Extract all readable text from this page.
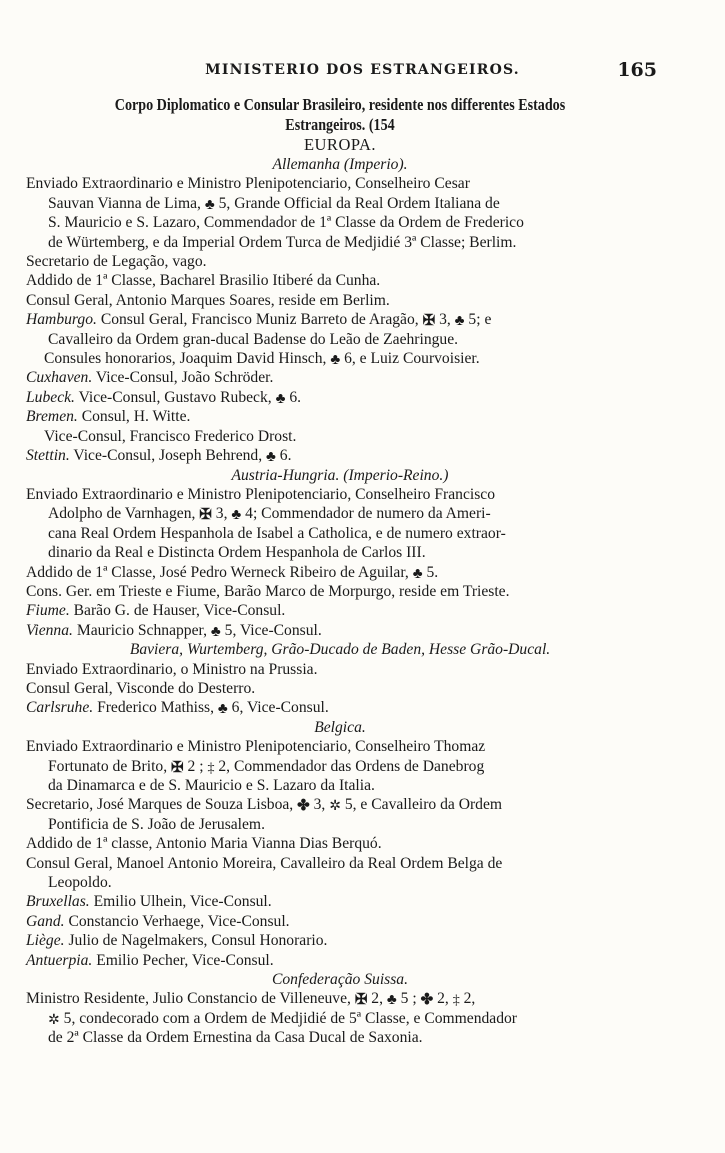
MINISTERIO DOS ESTRANGEIROS.	165
Corpo Diplomatico e Consular Brasileiro, residente nos differentes Estados
Estrangeiros. (154
EUROPA.
Allemanha (Imperio).
Enviado Extraordinario e Ministro Plenipotenciario, Conselheiro Cesar
Sauvan Vianna de Lima, ♣ 5, Grande Official da Real Ordem Italiana de
S. Mauricio e S. Lazaro, Commendador de 1ª Classe da Ordem de Frederico
de Würtemberg, e da Imperial Ordem Turca de Medjidié 3ª Classe; Berlim.
Secretario de Legação, vago.
Addido de 1ª Classe, Bacharel Brasilio Itiberé da Cunha.
Consul Geral, Antonio Marques Soares, reside em Berlim.
Hamburgo. Consul Geral, Francisco Muniz Barreto de Aragão, ✠ 3, ♣ 5; e
Cavalleiro da Ordem gran-ducal Badense do Leão de Zaehringue.
Consules honorarios, Joaquim David Hinsch, ♣ 6, e Luiz Courvoisier.
Cuxhaven. Vice-Consul, João Schröder.
Lubeck. Vice-Consul, Gustavo Rubeck, ♣ 6.
Bremen. Consul, H. Witte.
Vice-Consul, Francisco Frederico Drost.
Stettin. Vice-Consul, Joseph Behrend, ♣ 6.
Austria-Hungria. (Imperio-Reino.)
Enviado Extraordinario e Ministro Plenipotenciario, Conselheiro Francisco
Adolpho de Varnhagen, ✠ 3, ♣ 4; Commendador de numero da Ameri-
cana Real Ordem Hespanhola de Isabel a Catholica, e de numero extraor-
dinario da Real e Distincta Ordem Hespanhola de Carlos III.
Addido de 1ª Classe, José Pedro Werneck Ribeiro de Aguilar, ♣ 5.
Cons. Ger. em Trieste e Fiume, Barão Marco de Morpurgo, reside em Trieste.
Fiume. Barão G. de Hauser, Vice-Consul.
Vienna. Mauricio Schnapper, ♣ 5, Vice-Consul.
Baviera, Wurtemberg, Grão-Ducado de Baden, Hesse Grão-Ducal.
Enviado Extraordinario, o Ministro na Prussia.
Consul Geral, Visconde do Desterro.
Carlsruhe. Frederico Mathiss, ♣ 6, Vice-Consul.
Belgica.
Enviado Extraordinario e Ministro Plenipotenciario, Conselheiro Thomaz
Fortunato de Brito, ✠ 2 ; ‡ 2, Commendador das Ordens de Danebrog
da Dinamarca e de S. Mauricio e S. Lazaro da Italia.
Secretario, José Marques de Souza Lisboa, ✤ 3, ✲ 5, e Cavalleiro da Ordem
Pontificia de S. João de Jerusalem.
Addido de 1ª classe, Antonio Maria Vianna Dias Berquó.
Consul Geral, Manoel Antonio Moreira, Cavalleiro da Real Ordem Belga de
Leopoldo.
Bruxellas. Emilio Ulhein, Vice-Consul.
Gand. Constancio Verhaege, Vice-Consul.
Liège. Julio de Nagelmakers, Consul Honorario.
Antuerpia. Emilio Pecher, Vice-Consul.
Confederação Suissa.
Ministro Residente, Julio Constancio de Villeneuve, ✠ 2, ♣ 5 ; ✤ 2, ‡ 2,
✲ 5, condecorado com a Ordem de Medjidié de 5ª Classe, e Commendador
de 2ª Classe da Ordem Ernestina da Casa Ducal de Saxonia.
